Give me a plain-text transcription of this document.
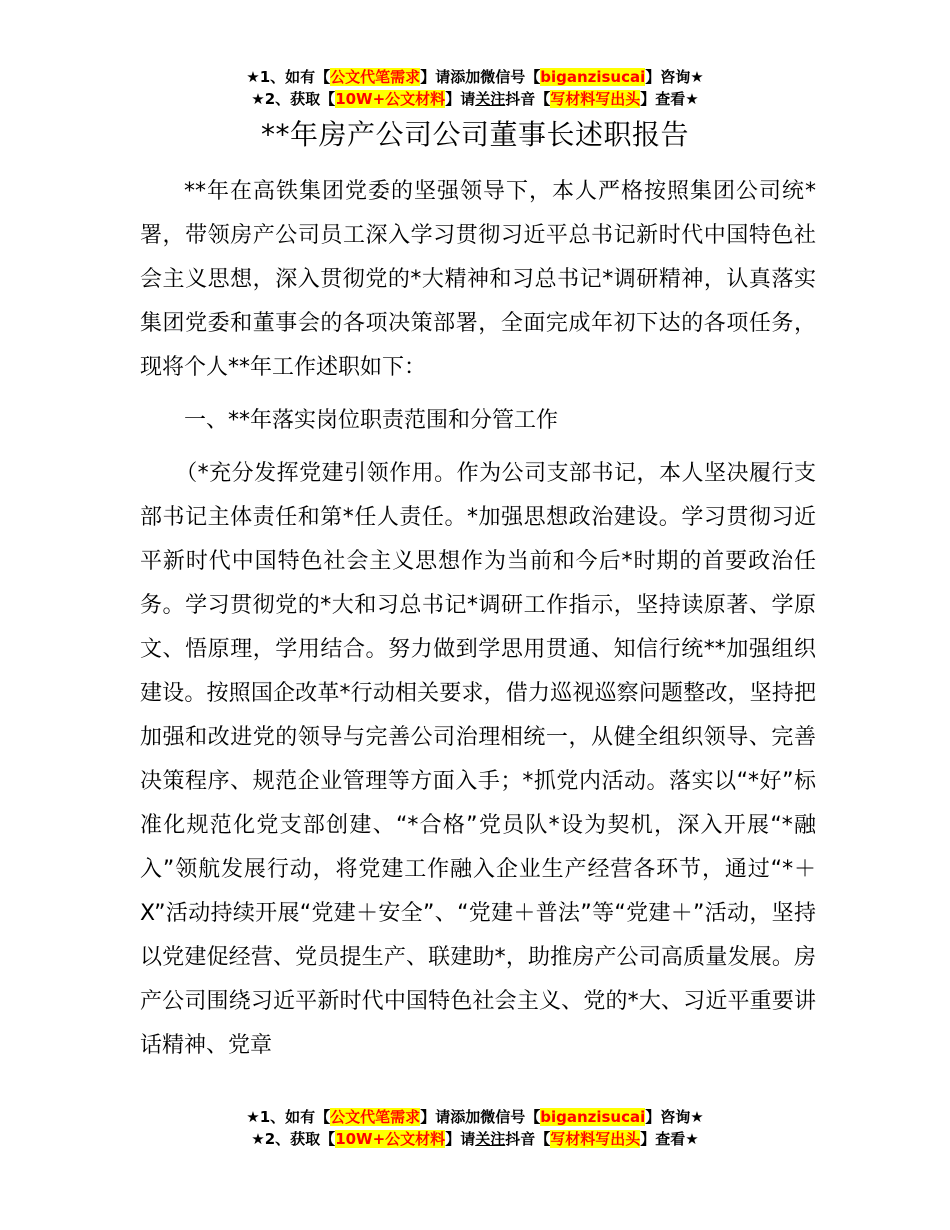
★1、如有【公文代笔需求】请添加微信号【biganzisucai】咨询★
★2、获取【10W+公文材料】请关注抖音【写材料写出头】查看★
**年房产公司公司董事长述职报告

**年在高铁集团党委的坚强领导下，本人严格按照集团公司统*署，带领房产公司员工深入学习贯彻习近平总书记新时代中国特色社会主义思想，深入贯彻党的*大精神和习总书记*调研精神，认真落实集团党委和董事会的各项决策部署，全面完成年初下达的各项任务，现将个人**年工作述职如下：

一、**年落实岗位职责范围和分管工作

（*充分发挥党建引领作用。作为公司支部书记，本人坚决履行支部书记主体责任和第*任人责任。*加强思想政治建设。学习贯彻习近平新时代中国特色社会主义思想作为当前和今后*时期的首要政治任务。学习贯彻党的*大和习总书记*调研工作指示，坚持读原著、学原文、悟原理，学用结合。努力做到学思用贯通、知信行统**加强组织建设。按照国企改革*行动相关要求，借力巡视巡察问题整改，坚持把加强和改进党的领导与完善公司治理相统一，从健全组织领导、完善决策程序、规范企业管理等方面入手；*抓党内活动。落实以“*好”标准化规范化党支部创建、“*合格”党员队*设为契机，深入开展“*融入”领航发展行动，将党建工作融入企业生产经营各环节，通过“*＋X”活动持续开展“党建＋安全”、“党建＋普法”等“党建＋”活动，坚持以党建促经营、党员提生产、联建助*，助推房产公司高质量发展。房产公司围绕习近平新时代中国特色社会主义、党的*大、习近平重要讲话精神、党章

★1、如有【公文代笔需求】请添加微信号【biganzisucai】咨询★
★2、获取【10W+公文材料】请关注抖音【写材料写出头】查看★
